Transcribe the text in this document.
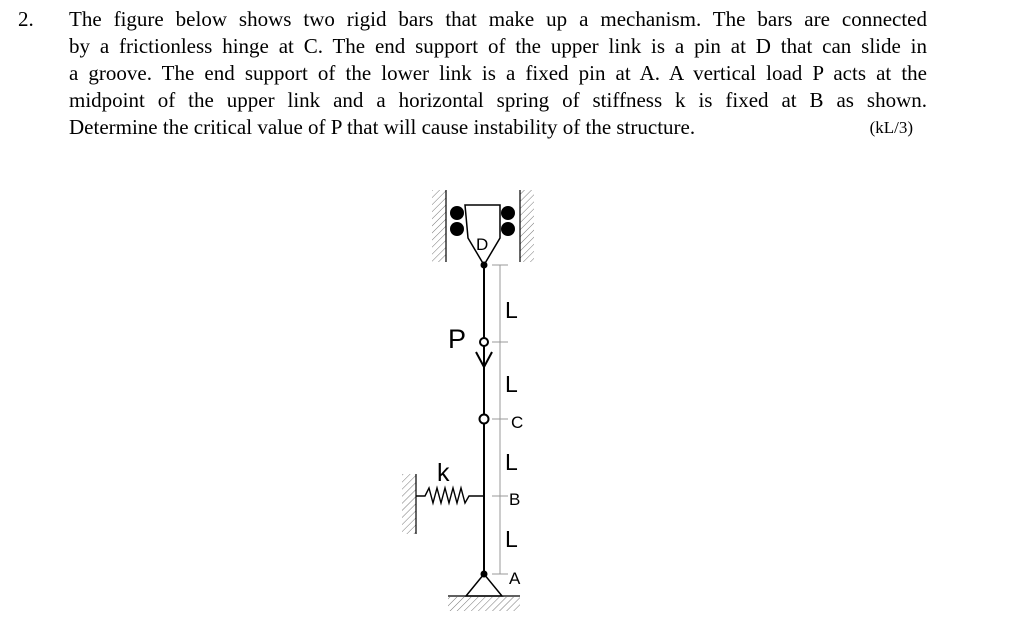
2. The figure below shows two rigid bars that make up a mechanism. The bars are connected
by a frictionless hinge at C. The end support of the upper link is a pin at D that can slide in
a groove. The end support of the lower link is a fixed pin at A. A vertical load P acts at the
midpoint of the upper link and a horizontal spring of stiffness k is fixed at B as shown.
Determine the critical value of P that will cause instability of the structure.	(kL/3)
D
L
L
L
L
P
C
k
B
A
